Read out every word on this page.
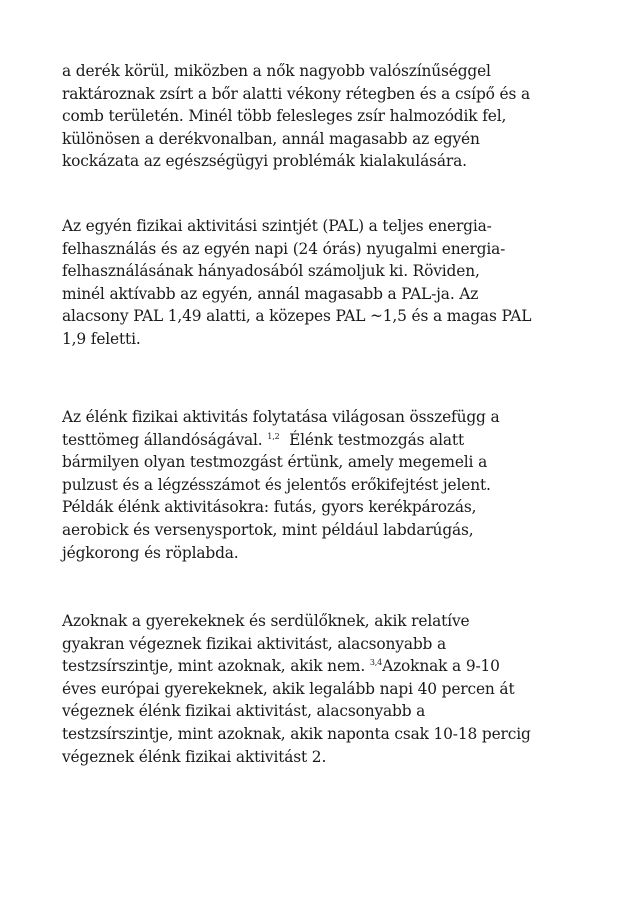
a derék körül, miközben a nők nagyobb valószínűséggel
raktároznak zsírt a bőr alatti vékony rétegben és a csípő és a
comb területén. Minél több felesleges zsír halmozódik fel,
különösen a derékvonalban, annál magasabb az egyén
kockázata az egészségügyi problémák kialakulására.

Az egyén fizikai aktivitási szintjét (PAL) a teljes energia-
felhasználás és az egyén napi (24 órás) nyugalmi energia-
felhasználásának hányadosából számoljuk ki. Röviden,
minél aktívabb az egyén, annál magasabb a PAL-ja. Az
alacsony PAL 1,49 alatti, a közepes PAL ~1,5 és a magas PAL
1,9 feletti.

Az élénk fizikai aktivitás folytatása világosan összefügg a
testtömeg állandóságával. $^{1,2}$ Élénk testmozgás alatt
bármilyen olyan testmozgást értünk, amely megemeli a
pulzust és a légzésszámot és jelentős erőkifejtést jelent.
Példák élénk aktivitásokra: futás, gyors kerékpározás,
aerobick és versenysportok, mint például labdarúgás,
jégkorong és röplabda.

Azoknak a gyerekeknek és serdülőknek, akik relatíve
gyakran végeznek fizikai aktivitást, alacsonyabb a
testzsírszintje, mint azoknak, akik nem. $^{3,4}$Azoknak a 9-10
éves európai gyerekeknek, akik legalább napi 40 percen át
végeznek élénk fizikai aktivitást, alacsonyabb a
testzsírszintje, mint azoknak, akik naponta csak 10-18 percig
végeznek élénk fizikai aktivitást 2.
